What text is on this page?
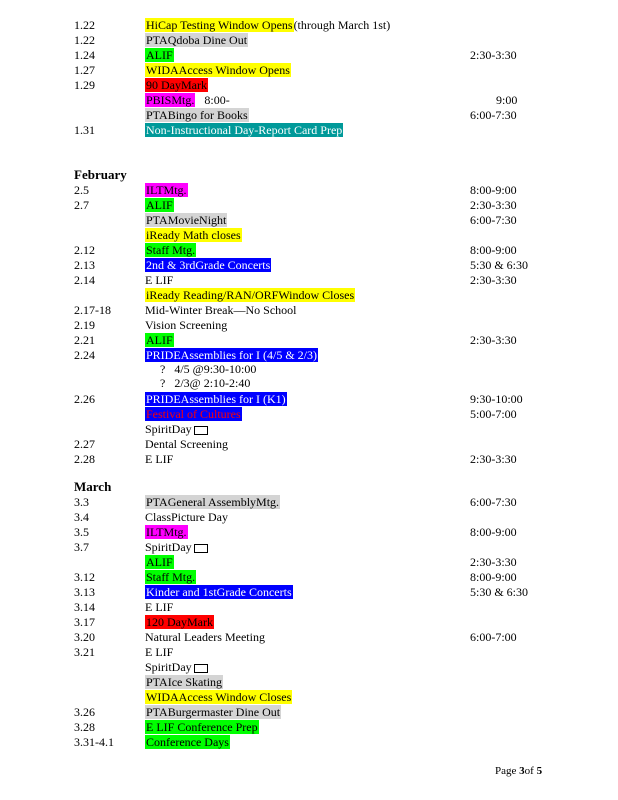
1.22	HiCap Testing Window Opens(through March 1st)
1.22	PTAQdoba Dine Out
1.24	ALIF	2:30-3:30
1.27	WIDAAccess Window Opens
1.29	90 DayMark
PBISMtg.   8:00-	9:00
PTABingo for Books	6:00-7:30
1.31	Non-Instructional Day-Report Card Prep
February
2.5	ILTMtg.	8:00-9:00
2.7	ALIF	2:30-3:30
PTAMovieNight	6:00-7:30
iReady Math closes
2.12	Staff Mtg.	8:00-9:00
2.13	2nd & 3rdGrade Concerts	5:30 & 6:30
2.14	E LIF	2:30-3:30
iReady Reading/RAN/ORFWindow Closes
2.17-18	Mid-Winter Break—No School
2.19	Vision Screening
2.21	ALIF	2:30-3:30
2.24	PRIDEAssemblies for I (4/5 & 2/3)
?   4/5 @9:30-10:00
?   2/3@ 2:10-2:40
2.26	PRIDEAssemblies for I (K1)	9:30-10:00
Festival of Cultures	5:00-7:00
SpiritDay
2.27	Dental Screening
2.28	E LIF	2:30-3:30
March
3.3	PTAGeneral AssemblyMtg.	6:00-7:30
3.4	ClassPicture Day
3.5	ILTMtg.	8:00-9:00
3.7	SpiritDay
ALIF	2:30-3:30
3.12	Staff Mtg.	8:00-9:00
3.13	Kinder and 1stGrade Concerts	5:30 & 6:30
3.14	E LIF
3.17	120 DayMark
3.20	Natural Leaders Meeting	6:00-7:00
3.21	E LIF
SpiritDay
PTAIce Skating
WIDAAccess Window Closes
3.26	PTABurgermaster Dine Out
3.28	E LIF Conference Prep
3.31-4.1	Conference Days
Page 3of 5
